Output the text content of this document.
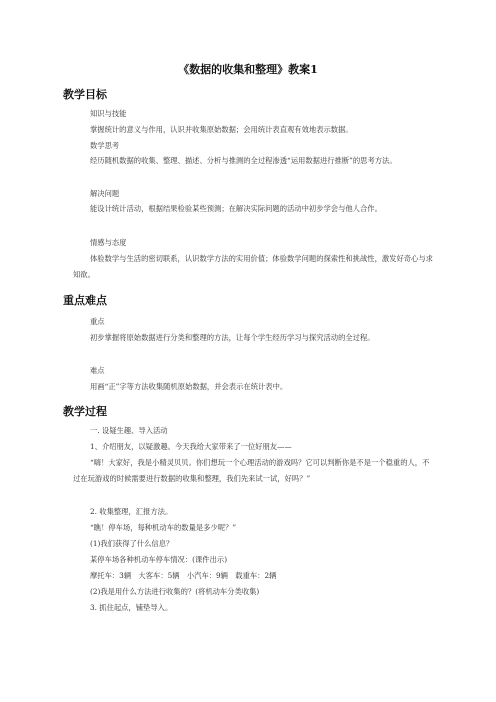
《数据的收集和整理》教案1
教学目标
知识与技能
掌握统计的意义与作用，认识并收集原始数据；会用统计表直观有效地表示数据。
数学思考
经历随机数据的收集、整理、描述、分析与推测的全过程渗透“运用数据进行推断”的思考方法。
解决问题
能设计统计活动，根据结果检验某些预测；在解决实际问题的活动中初步学会与他人合作。
情感与态度
体验数学与生活的密切联系，认识数学方法的实用价值；体验数学问题的探索性和挑战性，激发好奇心与求知欲。
重点难点
重点
初步掌握将原始数据进行分类和整理的方法，让每个学生经历学习与探究活动的全过程。
难点
用画“正”字等方法收集随机原始数据，并会表示在统计表中。
教学过程
一. 设疑生趣、导入活动
1、介绍朋友，以疑激趣。今天我给大家带来了一位好朋友——
“嗨！大家好，我是小精灵贝贝。你们想玩一个心理活动的游戏吗？它可以判断你是不是一个稳重的人，不过在玩游戏的时候需要进行数据的收集和整理，我们先来试一试，好吗？”
2. 收集整理，汇报方法。
“瞧！停车场，每种机动车的数量是多少呢？”
(1)我们获得了什么信息？
某停车场各种机动车停车情况：(课件出示)
摩托车：3辆　大客车：5辆　小汽车：9辆　载重车：2辆
(2)我是用什么方法进行收集的？(将机动车分类收集)
3. 抓住起点，铺垫导入。
